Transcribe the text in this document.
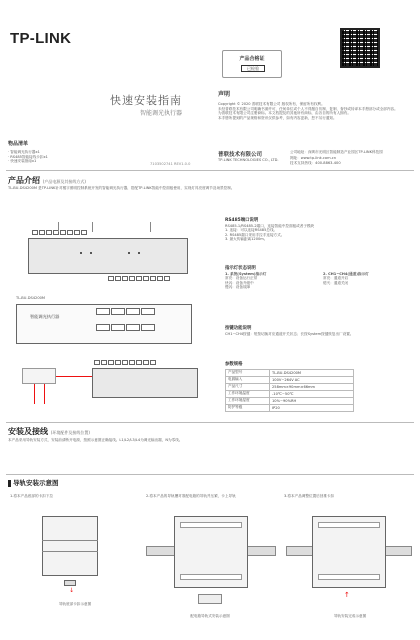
TP-LINK
快速安装指南
智能调光执行器
产品合格证
已检验
声明
Copyright © 2020 普联技术有限公司 版权所有，保留所有权利。
未经普联技术有限公司明确书面许可，任何单位或个人不得擅自仿制、复制、誊抄或转译本手册部分或全部内容。
为普联技术有限公司注册商标。本文档提及的其他所有商标，由各自的所有人拥有。
本手册所提到的产品规格和资讯仅供参考，如有内容更新，恕不另行通知。
普联技术有限公司
TP-LINK TECHNOLOGIES CO., LTD.
公司地址：深圳市光明区智能制造产业园区TP-LINK科技园
网址：www.tp-link.com.cn
技术支持热线：400-8863-400
物品清单
· 智能调光执行器x1
· RS485智能接线卡扣x1
· 快速安装指南x1
7103502741 REV1.0.0
产品介绍 (产品电源及其接线方式)
TL-BU-DS4200M 是TP-LINK针对楼宇照明控制系统开发的智能调光执行器，搭配TP-LINK智能中控面板使用，实现灯具亮度调节及场景控制。
TL-BU-DS4200M
智能调光执行器
RS485端口说明
RS485-1/RS485-2端口，连接智能中控面板或者子模块
1. 连接：可以连接RS485总线。
2. RS485端口采用手拉手连接方式。
3. 最大传输距离1200m。
指示灯状态说明
1. 系统(System)指示灯
常亮：设备运行正常
快闪：设备升级中
慢闪：设备故障
2. CH1~CH4(通道)指示灯
常亮：通道开启
熄灭：通道关闭
按键功能说明
CH1~CH4按键：短按切换对应通道开关状态；长按System按键恢复出厂设置。
参数规格
产品型号	TL-BU-DS4200M
电源输入	100V~264V AC
产品尺寸	258mm×90mm×66mm
工作环境温度	-10℃~50℃
工作环境湿度	10%~90%RH
防护等级	IP20
安装及接线 (环境配件及接线位置)
本产品采用导轨安装方式，安装前请断开电源，按照示意图正确接线。L1/L2/L3/L4为调光输出端，N为零线。
导轨安装示意图
1.将本产品底部的卡扣下拉	2.将本产品的导轨槽对准配电箱的导轨并压紧，卡上导轨	3.将本产品调整位置后回推卡扣
↓
导轨底部卡扣示意图
配电箱导轨式安装示意图
↑
导轨安装完成示意图
